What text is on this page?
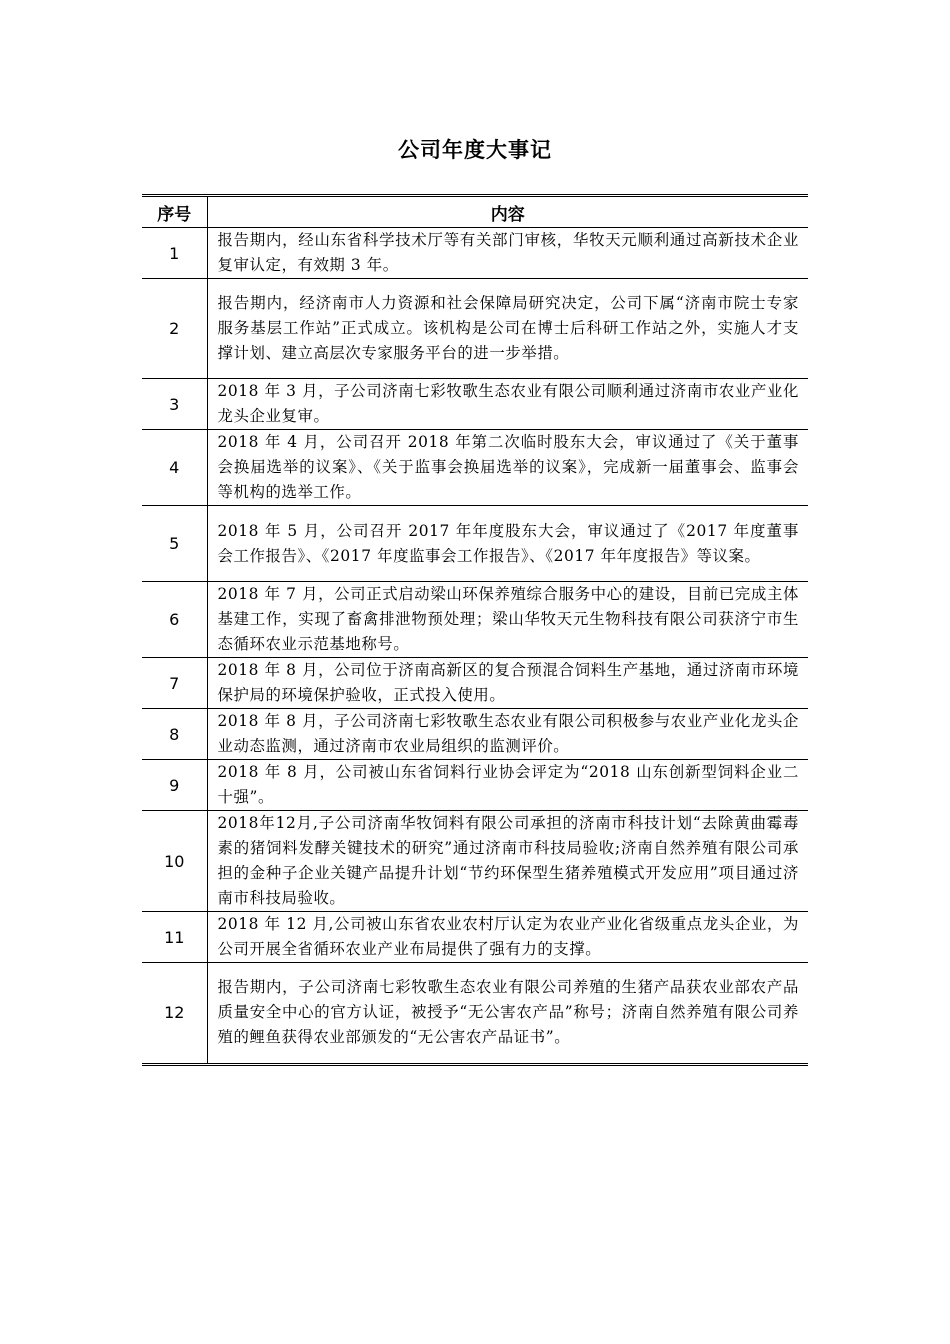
公司年度大事记
序号	内容
1	报告期内，经山东省科学技术厅等有关部门审核，华牧天元顺利通过高新技术企业复审认定，有效期 3 年。
2	报告期内，经济南市人力资源和社会保障局研究决定，公司下属“济南市院士专家服务基层工作站”正式成立。该机构是公司在博士后科研工作站之外，实施人才支撑计划、建立高层次专家服务平台的进一步举措。
3	2018 年 3 月，子公司济南七彩牧歌生态农业有限公司顺利通过济南市农业产业化龙头企业复审。
4	2018 年 4 月，公司召开 2018 年第二次临时股东大会，审议通过了《关于董事会换届选举的议案》、《关于监事会换届选举的议案》，完成新一届董事会、监事会等机构的选举工作。
5	2018 年 5 月，公司召开 2017 年年度股东大会，审议通过了《2017 年度董事会工作报告》、《2017 年度监事会工作报告》、《2017 年年度报告》等议案。
6	2018 年 7 月，公司正式启动梁山环保养殖综合服务中心的建设，目前已完成主体基建工作，实现了畜禽排泄物预处理；梁山华牧天元生物科技有限公司获济宁市生态循环农业示范基地称号。
7	2018 年 8 月，公司位于济南高新区的复合预混合饲料生产基地，通过济南市环境保护局的环境保护验收，正式投入使用。
8	2018 年 8 月，子公司济南七彩牧歌生态农业有限公司积极参与农业产业化龙头企业动态监测，通过济南市农业局组织的监测评价。
9	2018 年 8 月，公司被山东省饲料行业协会评定为“2018 山东创新型饲料企业二十强”。
10	2018年12月,子公司济南华牧饲料有限公司承担的济南市科技计划“去除黄曲霉毒素的猪饲料发酵关键技术的研究”通过济南市科技局验收;济南自然养殖有限公司承担的金种子企业关键产品提升计划“节约环保型生猪养殖模式开发应用”项目通过济南市科技局验收。
11	2018 年 12 月,公司被山东省农业农村厅认定为农业产业化省级重点龙头企业，为公司开展全省循环农业产业布局提供了强有力的支撑。
12	报告期内，子公司济南七彩牧歌生态农业有限公司养殖的生猪产品获农业部农产品质量安全中心的官方认证，被授予“无公害农产品”称号；济南自然养殖有限公司养殖的鲤鱼获得农业部颁发的“无公害农产品证书”。
